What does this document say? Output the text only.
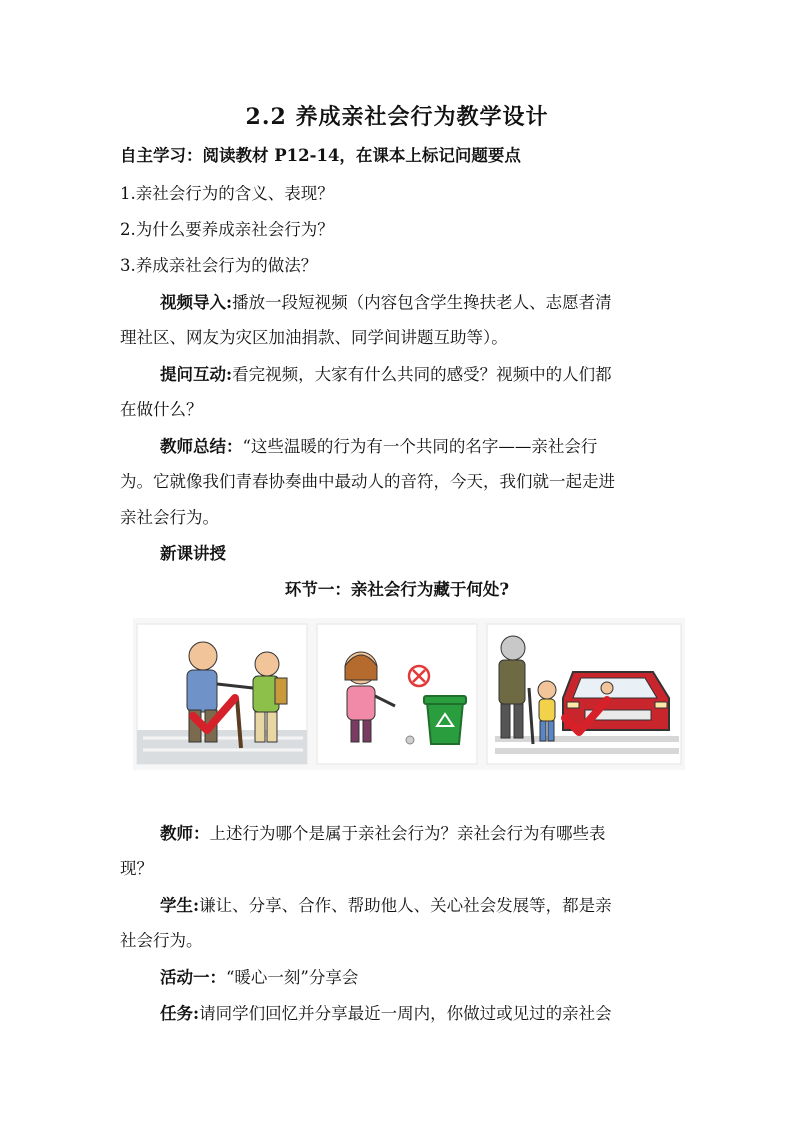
2.2 养成亲社会行为教学设计
自主学习：阅读教材 P12-14，在课本上标记问题要点
1.亲社会行为的含义、表现？
2.为什么要养成亲社会行为？
3.养成亲社会行为的做法？
视频导入:播放一段短视频（内容包含学生搀扶老人、志愿者清
理社区、网友为灾区加油捐款、同学间讲题互助等）。
提问互动:看完视频，大家有什么共同的感受？视频中的人们都
在做什么？
教师总结：“这些温暖的行为有一个共同的名字——亲社会行
为。它就像我们青春协奏曲中最动人的音符，今天，我们就一起走进
亲社会行为。
新课讲授
环节一：亲社会行为藏于何处?
教师：上述行为哪个是属于亲社会行为？亲社会行为有哪些表
现？
学生:谦让、分享、合作、帮助他人、关心社会发展等，都是亲
社会行为。
活动一：“暖心一刻”分享会
任务:请同学们回忆并分享最近一周内，你做过或见过的亲社会
